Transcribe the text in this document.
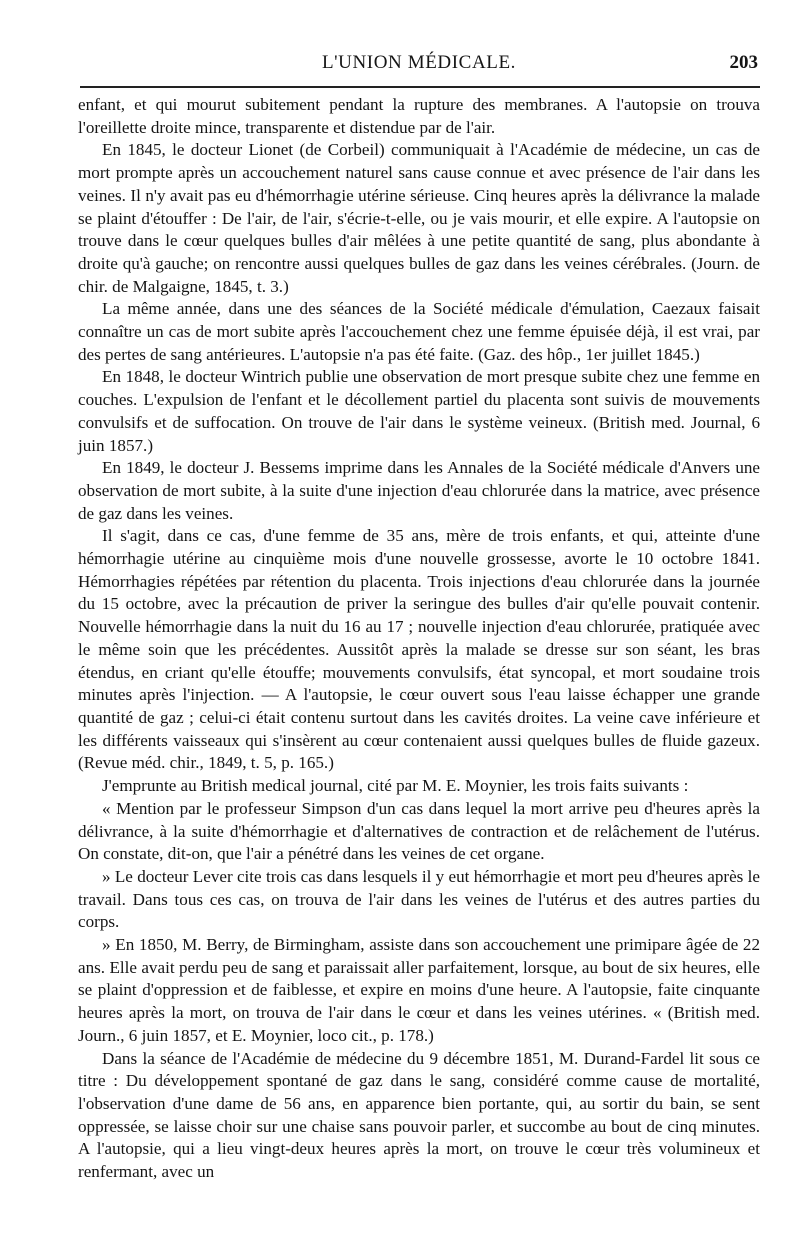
L'UNION MÉDICALE.	203

enfant, et qui mourut subitement pendant la rupture des membranes. A l'autopsie on trouva l'oreillette droite mince, transparente et distendue par de l'air.

En 1845, le docteur Lionet (de Corbeil) communiquait à l'Académie de médecine, un cas de mort prompte après un accouchement naturel sans cause connue et avec présence de l'air dans les veines. Il n'y avait pas eu d'hémorrhagie utérine sérieuse. Cinq heures après la délivrance la malade se plaint d'étouffer : De l'air, de l'air, s'écrie-t-elle, ou je vais mourir, et elle expire. A l'autopsie on trouve dans le cœur quelques bulles d'air mêlées à une petite quantité de sang, plus abondante à droite qu'à gauche; on rencontre aussi quelques bulles de gaz dans les veines cérébrales. (Journ. de chir. de Malgaigne, 1845, t. 3.)

La même année, dans une des séances de la Société médicale d'émulation, Caezaux faisait connaître un cas de mort subite après l'accouchement chez une femme épuisée déjà, il est vrai, par des pertes de sang antérieures. L'autopsie n'a pas été faite. (Gaz. des hôp., 1er juillet 1845.)

En 1848, le docteur Wintrich publie une observation de mort presque subite chez une femme en couches. L'expulsion de l'enfant et le décollement partiel du placenta sont suivis de mouvements convulsifs et de suffocation. On trouve de l'air dans le système veineux. (British med. Journal, 6 juin 1857.)

En 1849, le docteur J. Bessems imprime dans les Annales de la Société médicale d'Anvers une observation de mort subite, à la suite d'une injection d'eau chlorurée dans la matrice, avec présence de gaz dans les veines.

Il s'agit, dans ce cas, d'une femme de 35 ans, mère de trois enfants, et qui, atteinte d'une hémorrhagie utérine au cinquième mois d'une nouvelle grossesse, avorte le 10 octobre 1841. Hémorrhagies répétées par rétention du placenta. Trois injections d'eau chlorurée dans la journée du 15 octobre, avec la précaution de priver la seringue des bulles d'air qu'elle pouvait contenir. Nouvelle hémorrhagie dans la nuit du 16 au 17 ; nouvelle injection d'eau chlorurée, pratiquée avec le même soin que les précédentes. Aussitôt après la malade se dresse sur son séant, les bras étendus, en criant qu'elle étouffe; mouvements convulsifs, état syncopal, et mort soudaine trois minutes après l'injection. — A l'autopsie, le cœur ouvert sous l'eau laisse échapper une grande quantité de gaz ; celui-ci était contenu surtout dans les cavités droites. La veine cave inférieure et les différents vaisseaux qui s'insèrent au cœur contenaient aussi quelques bulles de fluide gazeux. (Revue méd. chir., 1849, t. 5, p. 165.)

J'emprunte au British medical journal, cité par M. E. Moynier, les trois faits suivants :

« Mention par le professeur Simpson d'un cas dans lequel la mort arrive peu d'heures après la délivrance, à la suite d'hémorrhagie et d'alternatives de contraction et de relâchement de l'utérus. On constate, dit-on, que l'air a pénétré dans les veines de cet organe.

» Le docteur Lever cite trois cas dans lesquels il y eut hémorrhagie et mort peu d'heures après le travail. Dans tous ces cas, on trouva de l'air dans les veines de l'utérus et des autres parties du corps.

» En 1850, M. Berry, de Birmingham, assiste dans son accouchement une primipare âgée de 22 ans. Elle avait perdu peu de sang et paraissait aller parfaitement, lorsque, au bout de six heures, elle se plaint d'oppression et de faiblesse, et expire en moins d'une heure. A l'autopsie, faite cinquante heures après la mort, on trouva de l'air dans le cœur et dans les veines utérines. « (British med. Journ., 6 juin 1857, et E. Moynier, loco cit., p. 178.)

Dans la séance de l'Académie de médecine du 9 décembre 1851, M. Durand-Fardel lit sous ce titre : Du développement spontané de gaz dans le sang, considéré comme cause de mortalité, l'observation d'une dame de 56 ans, en apparence bien portante, qui, au sortir du bain, se sent oppressée, se laisse choir sur une chaise sans pouvoir parler, et succombe au bout de cinq minutes. A l'autopsie, qui a lieu vingt-deux heures après la mort, on trouve le cœur très volumineux et renfermant, avec un
